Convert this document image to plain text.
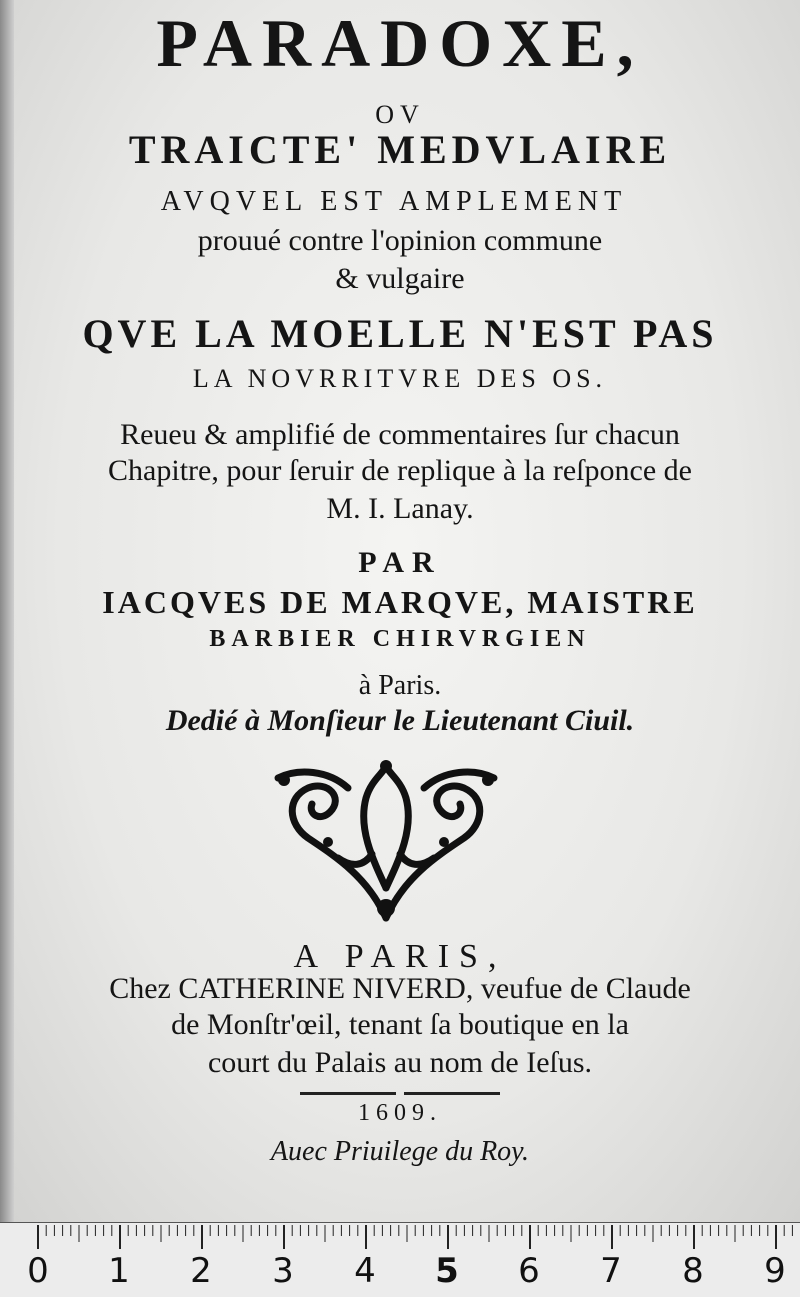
PARADOXE,
OV
TRAICTE' MEDVLAIRE
AVQVEL EST AMPLEMENT
prouué contre l'opinion commune
& vulgaire
QVE LA MOELLE N'EST PAS
LA NOVRRITVRE DES OS.
Reueu & amplifié de commentaires ſur chacun
Chapitre, pour ſeruir de replique à la reſponce de
M. I. Lanay.
PAR
IACQVES DE MARQVE, MAISTRE
BARBIER CHIRVRGIEN
à Paris.
Dedié à Monſieur le Lieutenant Ciuil.
A PARIS,
Chez CATHERINE NIVERD, veufue de Claude
de Monſtr'œil, tenant ſa boutique en la
court du Palais au nom de Ieſus.
1609.
Auec Priuilege du Roy.
0 1 2 3 4 5 6 7 8 9
